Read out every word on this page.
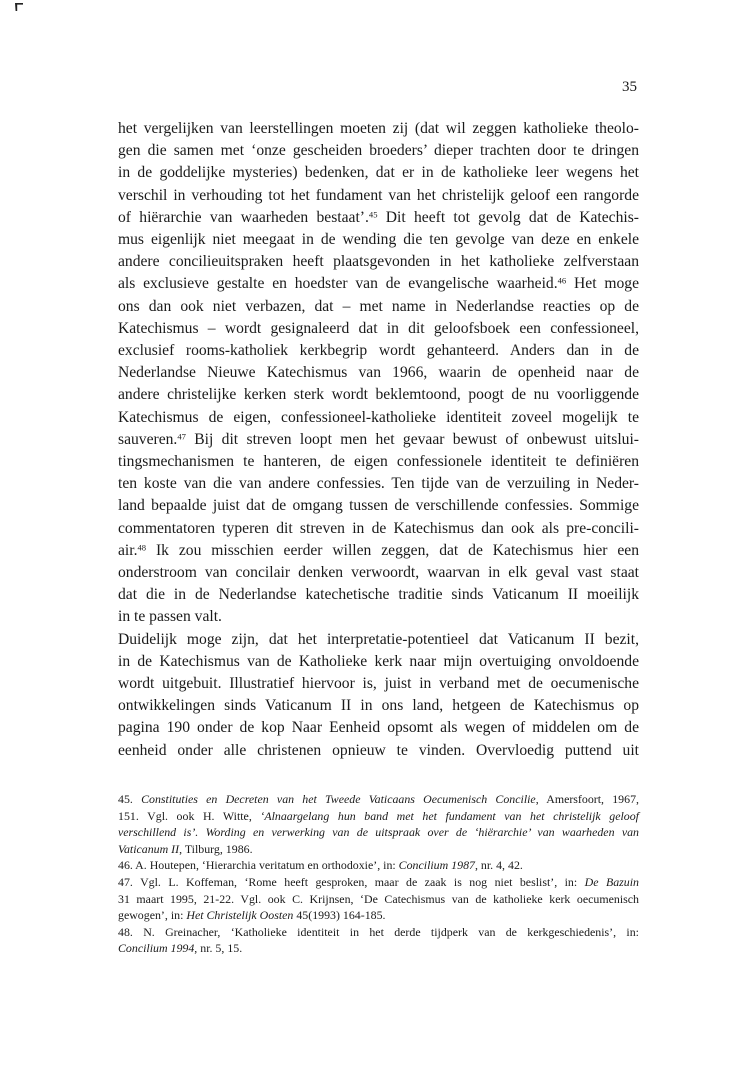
35
het vergelijken van leerstellingen moeten zij (dat wil zeggen katholieke theolo-
gen die samen met ‘onze gescheiden broeders’ dieper trachten door te dringen
in de goddelijke mysteries) bedenken, dat er in de katholieke leer wegens het
verschil in verhouding tot het fundament van het christelijk geloof een rangorde
of hiërarchie van waarheden bestaat’.$^{45}$ Dit heeft tot gevolg dat de Katechis-
mus eigenlijk niet meegaat in de wending die ten gevolge van deze en enkele
andere concilieuitspraken heeft plaatsgevonden in het katholieke zelfverstaan
als exclusieve gestalte en hoedster van de evangelische waarheid.$^{46}$ Het moge
ons dan ook niet verbazen, dat – met name in Nederlandse reacties op de
Katechismus – wordt gesignaleerd dat in dit geloofsboek een confessioneel,
exclusief rooms-katholiek kerkbegrip wordt gehanteerd. Anders dan in de
Nederlandse Nieuwe Katechismus van 1966, waarin de openheid naar de
andere christelijke kerken sterk wordt beklemtoond, poogt de nu voorliggende
Katechismus de eigen, confessioneel-katholieke identiteit zoveel mogelijk te
sauveren.$^{47}$ Bij dit streven loopt men het gevaar bewust of onbewust uitslui-
tingsmechanismen te hanteren, de eigen confessionele identiteit te definiëren
ten koste van die van andere confessies. Ten tijde van de verzuiling in Neder-
land bepaalde juist dat de omgang tussen de verschillende confessies. Sommige
commentatoren typeren dit streven in de Katechismus dan ook als pre-concili-
air.$^{48}$ Ik zou misschien eerder willen zeggen, dat de Katechismus hier een
onderstroom van concilair denken verwoordt, waarvan in elk geval vast staat
dat die in de Nederlandse katechetische traditie sinds Vaticanum II moeilijk
in te passen valt.
Duidelijk moge zijn, dat het interpretatie-potentieel dat Vaticanum II bezit,
in de Katechismus van de Katholieke kerk naar mijn overtuiging onvoldoende
wordt uitgebuit. Illustratief hiervoor is, juist in verband met de oecumenische
ontwikkelingen sinds Vaticanum II in ons land, hetgeen de Katechismus op
pagina 190 onder de kop Naar Eenheid opsomt als wegen of middelen om de
eenheid onder alle christenen opnieuw te vinden. Overvloedig puttend uit
45. Constituties en Decreten van het Tweede Vaticaans Oecumenisch Concilie, Amersfoort, 1967,
151. Vgl. ook H. Witte, ‘Alnaargelang hun band met het fundament van het christelijk geloof
verschillend is’. Wording en verwerking van de uitspraak over de ‘hiërarchie’ van waarheden van
Vaticanum II, Tilburg, 1986.
46. A. Houtepen, ‘Hierarchia veritatum en orthodoxie’, in: Concilium 1987, nr. 4, 42.
47. Vgl. L. Koffeman, ‘Rome heeft gesproken, maar de zaak is nog niet beslist’, in: De Bazuin
31 maart 1995, 21-22. Vgl. ook C. Krijnsen, ‘De Catechismus van de katholieke kerk oecumenisch
gewogen’, in: Het Christelijk Oosten 45(1993) 164-185.
48. N. Greinacher, ‘Katholieke identiteit in het derde tijdperk van de kerkgeschiedenis’, in:
Concilium 1994, nr. 5, 15.
